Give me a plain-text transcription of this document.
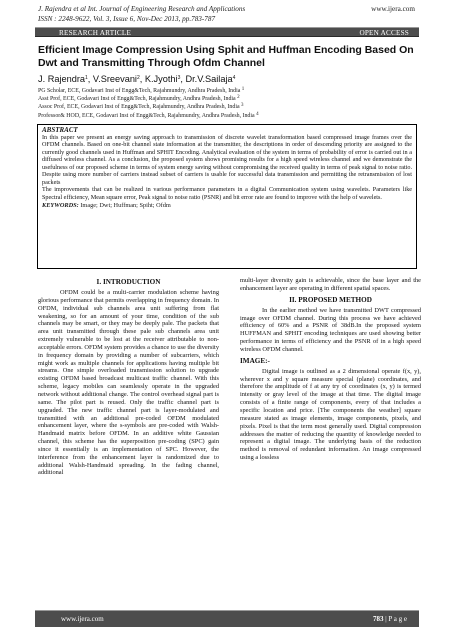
J. Rajendra et al Int. Journal of Engineering Research and Applications
ISSN : 2248-9622, Vol. 3, Issue 6, Nov-Dec 2013, pp.783-787
www.ijera.com
RESEARCH ARTICLE	OPEN ACCESS
Efficient Image Compression Using Sphit and Huffman Encoding Based On Dwt and Transmitting Through Ofdm Channel
J. Rajendra$^1$, V.Sreevani$^2$, K.Jyothi$^3$, Dr.V.Sailaja$^4$
PG Scholar, ECE, Godavari Inst of Engg&Tech, Rajahmundry, Andhra Pradesh, India $^1$
Asst Prof, ECE, Godavari Inst of Engg&Tech, Rajahmundry, Andhra Pradesh, India $^2$
Assoc Prof, ECE, Godavari Inst of Engg&Tech, Rajahmundry, Andhra Pradesh, India $^3$
Professor& HOD, ECE, Godavari Inst of Engg&Tech, Rajahmundry, Andhra Pradesh, India $^4$
ABSTRACT

In this paper we present an energy saving approach to transmission of discrete wavelet transformation based compressed image frames over the OFDM channels. Based on one-bit channel state information at the transmitter, the descriptions in order of descending priority are assigned to the currently good channels used in Huffman and SPHIT Encoding. Analytical evaluation of the system in terms of probability of error is carried out in a diffused wireless channel. As a conclusion, the proposed system shows promising results for a high speed wireless channel and we demonstrate the usefulness of our proposed scheme in terms of system energy saving without compromising the received quality in terms of peak signal to noise ratio. Despite using more number of carriers instead subset of carriers is usable for successful data transmission and permitting the retransmission of lost packets

The improvements that can be realized in various performance parameters in a digital Communication system using wavelets. Parameters like Spectral efficiency, Mean square error, Peak signal to noise ratio (PSNR) and bit error rate are found to improve with the help of wavelets.

KEYWORDS: Image; Dwt; Huffman; Spiht; Ofdm
I. INTRODUCTION

OFDM could be a multi-carrier modulation scheme having glorious performance that permits overlapping in frequency domain. In OFDM, individual sub channels area unit suffering from flat weakening, so for an amount of your time, condition of the sub channels may be smart, or they may be deeply pale. The packets that area unit transmitted through these pale sub channels area unit extremely vulnerable to be lost at the receiver attributable to non-acceptable errors. OFDM system provides a chance to use the diversity in frequency domain by providing a number of subcarriers, which might work as multiple channels for applications having multiple bit streams. One simple overloaded transmission solution to upgrade existing OFDM based broadcast multicast traffic channel. With this scheme, legacy mobiles can seamlessly operate in the upgraded network without additional change. The control overhead signal part is same. The pilot part is reused. Only the traffic channel part is upgraded. The new traffic channel part is layer-modulated and transmitted with an additional pre-coded OFDM modulated enhancement layer, where the s-symbols are pre-coded with Walsh-Handmaid matrix before OFDM. In an additive white Gaussian channel, this scheme has the superposition pre-coding (SPC) gain since it essentially is an implementation of SPC. However, the interference from the enhancement layer is randomized due to additional Walsh-Handmaid spreading. In the fading channel, additional

multi-layer diversity gain is achievable, since the base layer and the enhancement layer are operating in different spatial spaces.

II. PROPOSED METHOD

In the earlier method we have transmitted DWT compressed image over OFDM channel. During this process we have achieved efficiency of 60% and a PSNR of 38dB.In the proposed system HUFFMAN and SPHIT encoding techniques are used showing better performance in terms of efficiency and the PSNR of in a high speed wireless OFDM channel.

IMAGE:-

Digital image is outlined as a 2 dimensional operate f(x, y), wherever x and y square measure special (plane) coordinates, and therefore the amplitude of f at any try of coordinates (x, y) is termed intensity or gray level of the image at that time. The digital image consists of a finite range of components, every of that includes a specific location and price. [The components the weather] square measure stated as image elements, image components, pixels, and pixels. Pixel is that the term most generally used. Digital compression addresses the matter of reducing the quantity of knowledge needed to represent a digital image. The underlying basis of the reduction method is removal of redundant information. An image compressed using a lossless

www.ijera.com	783 | P a g e
